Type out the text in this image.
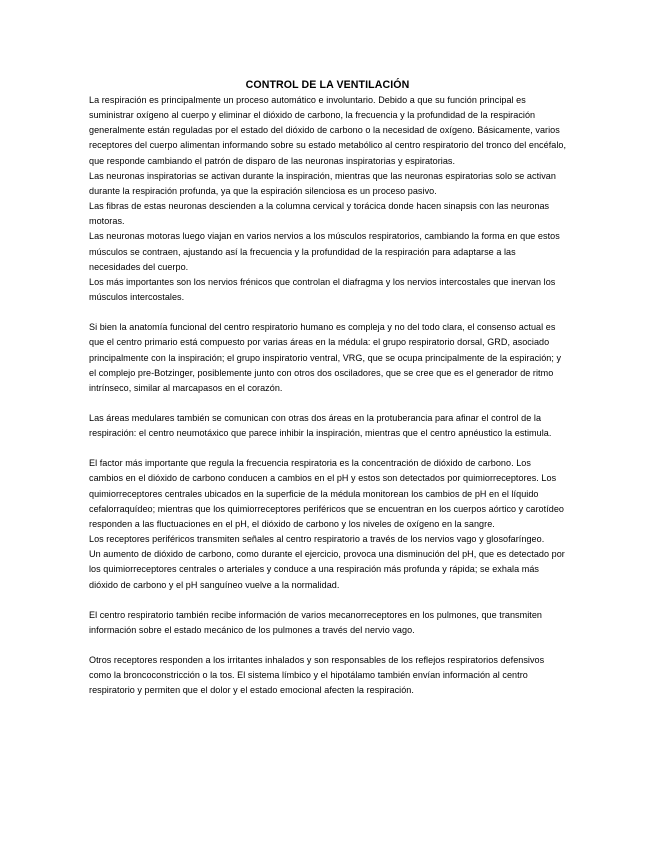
CONTROL DE LA VENTILACIÓN

La respiración es principalmente un proceso automático e involuntario. Debido a que su función principal es suministrar oxígeno al cuerpo y eliminar el dióxido de carbono, la frecuencia y la profundidad de la respiración generalmente están reguladas por el estado del dióxido de carbono o la necesidad de oxígeno. Básicamente, varios receptores del cuerpo alimentan informando sobre su estado metabólico al centro respiratorio del tronco del encéfalo, que responde cambiando el patrón de disparo de las neuronas inspiratorias y espiratorias.

Las neuronas inspiratorias se activan durante la inspiración, mientras que las neuronas espiratorias solo se activan durante la respiración profunda, ya que la espiración silenciosa es un proceso pasivo.

Las fibras de estas neuronas descienden a la columna cervical y torácica donde hacen sinapsis con las neuronas motoras.

Las neuronas motoras luego viajan en varios nervios a los músculos respiratorios, cambiando la forma en que estos músculos se contraen, ajustando así la frecuencia y la profundidad de la respiración para adaptarse a las necesidades del cuerpo.

Los más importantes son los nervios frénicos que controlan el diafragma y los nervios intercostales que inervan los músculos intercostales.

Si bien la anatomía funcional del centro respiratorio humano es compleja y no del todo clara, el consenso actual es que el centro primario está compuesto por varias áreas en la médula: el grupo respiratorio dorsal, GRD, asociado principalmente con la inspiración; el grupo inspiratorio ventral, VRG, que se ocupa principalmente de la espiración; y el complejo pre-Botzinger, posiblemente junto con otros dos osciladores, que se cree que es el generador de ritmo intrínseco, similar al marcapasos en el corazón.

Las áreas medulares también se comunican con otras dos áreas en la protuberancia para afinar el control de la respiración: el centro neumotáxico que parece inhibir la inspiración, mientras que el centro apnéustico la estimula.

El factor más importante que regula la frecuencia respiratoria es la concentración de dióxido de carbono. Los cambios en el dióxido de carbono conducen a cambios en el pH y estos son detectados por quimiorreceptores. Los quimiorreceptores centrales ubicados en la superficie de la médula monitorean los cambios de pH en el líquido cefalorraquídeo; mientras que los quimiorreceptores periféricos que se encuentran en los cuerpos aórtico y carotídeo responden a las fluctuaciones en el pH, el dióxido de carbono y los niveles de oxígeno en la sangre.

Los receptores periféricos transmiten señales al centro respiratorio a través de los nervios vago y glosofaríngeo.

Un aumento de dióxido de carbono, como durante el ejercicio, provoca una disminución del pH, que es detectado por los quimiorreceptores centrales o arteriales y conduce a una respiración más profunda y rápida; se exhala más dióxido de carbono y el pH sanguíneo vuelve a la normalidad.

El centro respiratorio también recibe información de varios mecanorreceptores en los pulmones, que transmiten información sobre el estado mecánico de los pulmones a través del nervio vago.

Otros receptores responden a los irritantes inhalados y son responsables de los reflejos respiratorios defensivos como la broncoconstricción o la tos. El sistema límbico y el hipotálamo también envían información al centro respiratorio y permiten que el dolor y el estado emocional afecten la respiración.
